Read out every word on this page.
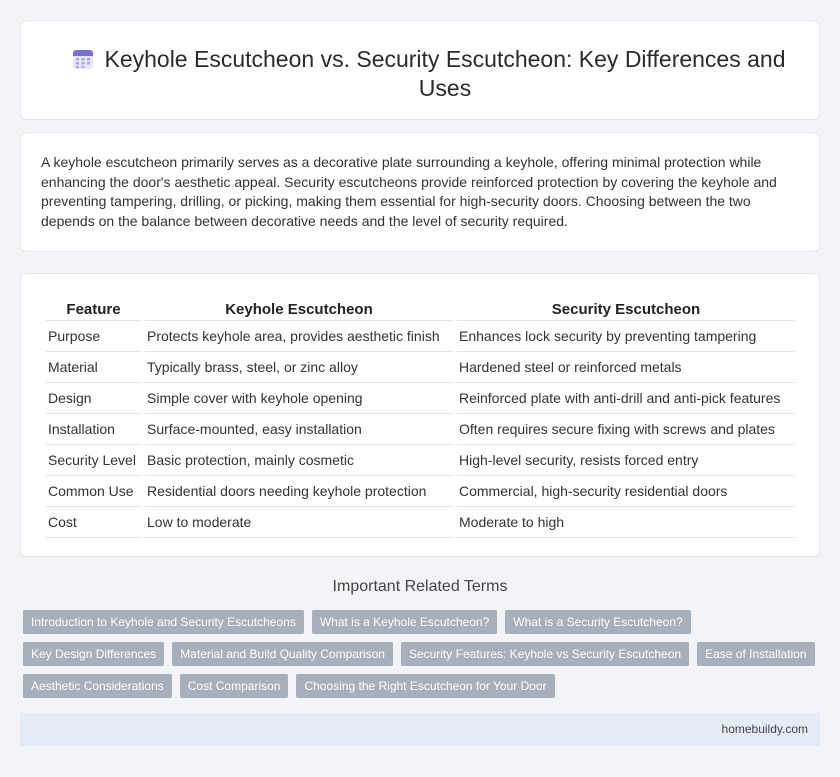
Keyhole Escutcheon vs. Security Escutcheon: Key Differences and Uses

A keyhole escutcheon primarily serves as a decorative plate surrounding a keyhole, offering minimal protection while enhancing the door's aesthetic appeal. Security escutcheons provide reinforced protection by covering the keyhole and preventing tampering, drilling, or picking, making them essential for high-security doors. Choosing between the two depends on the balance between decorative needs and the level of security required.

Feature	Keyhole Escutcheon	Security Escutcheon
Purpose	Protects keyhole area, provides aesthetic finish	Enhances lock security by preventing tampering
Material	Typically brass, steel, or zinc alloy	Hardened steel or reinforced metals
Design	Simple cover with keyhole opening	Reinforced plate with anti-drill and anti-pick features
Installation	Surface-mounted, easy installation	Often requires secure fixing with screws and plates
Security Level	Basic protection, mainly cosmetic	High-level security, resists forced entry
Common Use	Residential doors needing keyhole protection	Commercial, high-security residential doors
Cost	Low to moderate	Moderate to high
Important Related Terms
Introduction to Keyhole and Security Escutcheons	What is a Keyhole Escutcheon?	What is a Security Escutcheon?
Key Design Differences	Material and Build Quality Comparison	Security Features: Keyhole vs Security Escutcheon	Ease of Installation
Aesthetic Considerations	Cost Comparison	Choosing the Right Escutcheon for Your Door
homebuildy.com
